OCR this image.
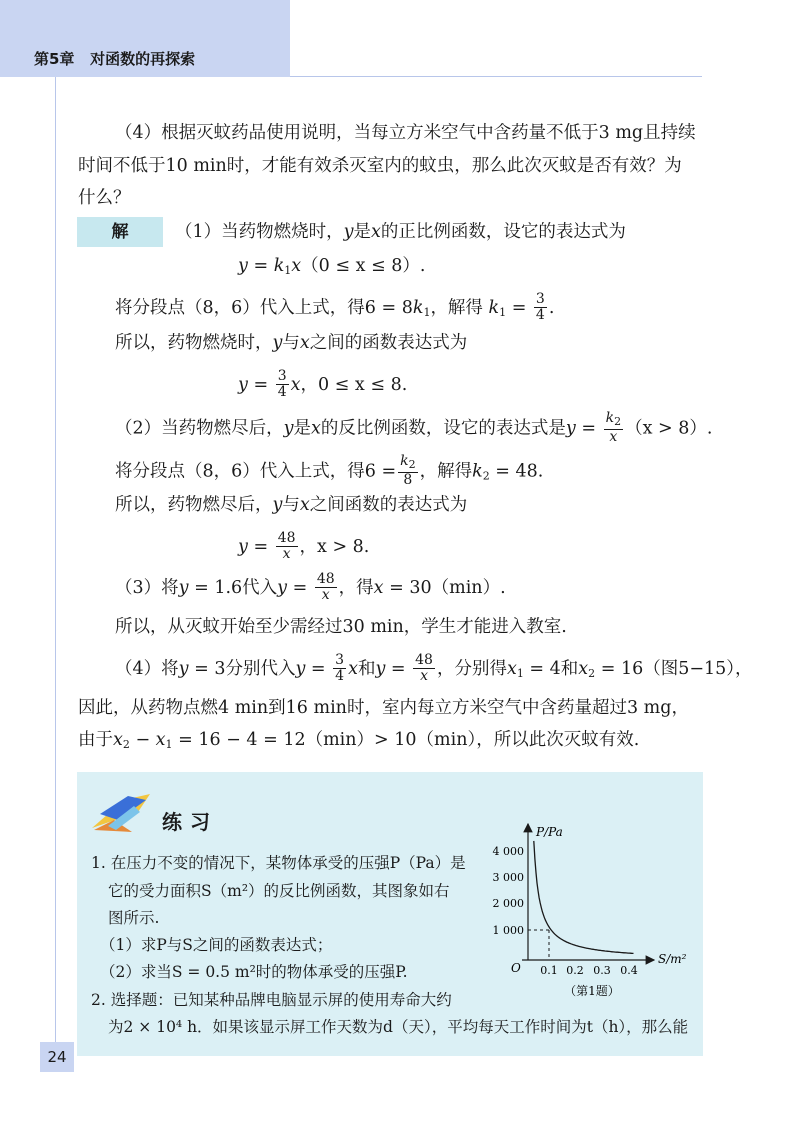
第5章 对函数的再探索
（4）根据灭蚊药品使用说明，当每立方米空气中含药量不低于3 mg且持续
时间不低于10 min时，才能有效杀灭室内的蚊虫，那么此次灭蚊是否有效？为
什么？
解	（1）当药物燃烧时，y是x的正比例函数，设它的表达式为
$y = k_1x(0 \le x \le 8)$.
将分段点（8，6）代入上式，得$6 = 8k_1$，解得 $k_1 = \frac{3}{4}$ .
所以，药物燃烧时，y与x之间的函数表达式为
$y = \frac{3}{4}$ x，0 ≤ x ≤ 8.
（2）当药物燃尽后，y是x的反比例函数，设它的表达式是$y = \frac{k_2}{x} (x > 8)$.
将分段点（8，6）代入上式，得$6 = \frac{k_2}{8}$ ，解得$k_2 = 48$.
所以，药物燃尽后，y与x之间函数的表达式为
$y = \frac{48}{x}$ ，x > 8.
（3）将y = 1.6代入$y = \frac{48}{x}$ ，得x = 30（min）.
所以，从灭蚊开始至少需经过30 min，学生才能进入教室.
（4）将y = 3分别代入$y = \frac{3}{4}$ x和$y = \frac{48}{x}$ ，分别得$x_1 = 4$和$x_2 = 16$（图5−15），
因此，从药物点燃4 min到16 min时，室内每立方米空气中含药量超过3 mg，
由于$x_2 - x_1 = 16 - 4 = 12(\min)> 10(\min)$，所以此次灭蚊有效.
练习
1. 在压力不变的情况下，某物体承受的压强P（Pa）是
它的受力面积S（m²）的反比例函数，其图象如右
图所示.
（1）求P与S之间的函数表达式；
（2）求当S = 0.5 m²时的物体承受的压强P.
2. 选择题：已知某种品牌电脑显示屏的使用寿命大约
为2 × 10⁴ h．如果该显示屏工作天数为d（天），平均每天工作时间为t（h），那么能
P/Pa
S/m²
O
4 000
3 000
2 000
1 000
0.1 0.2 0.3 0.4
（第1题）
24
